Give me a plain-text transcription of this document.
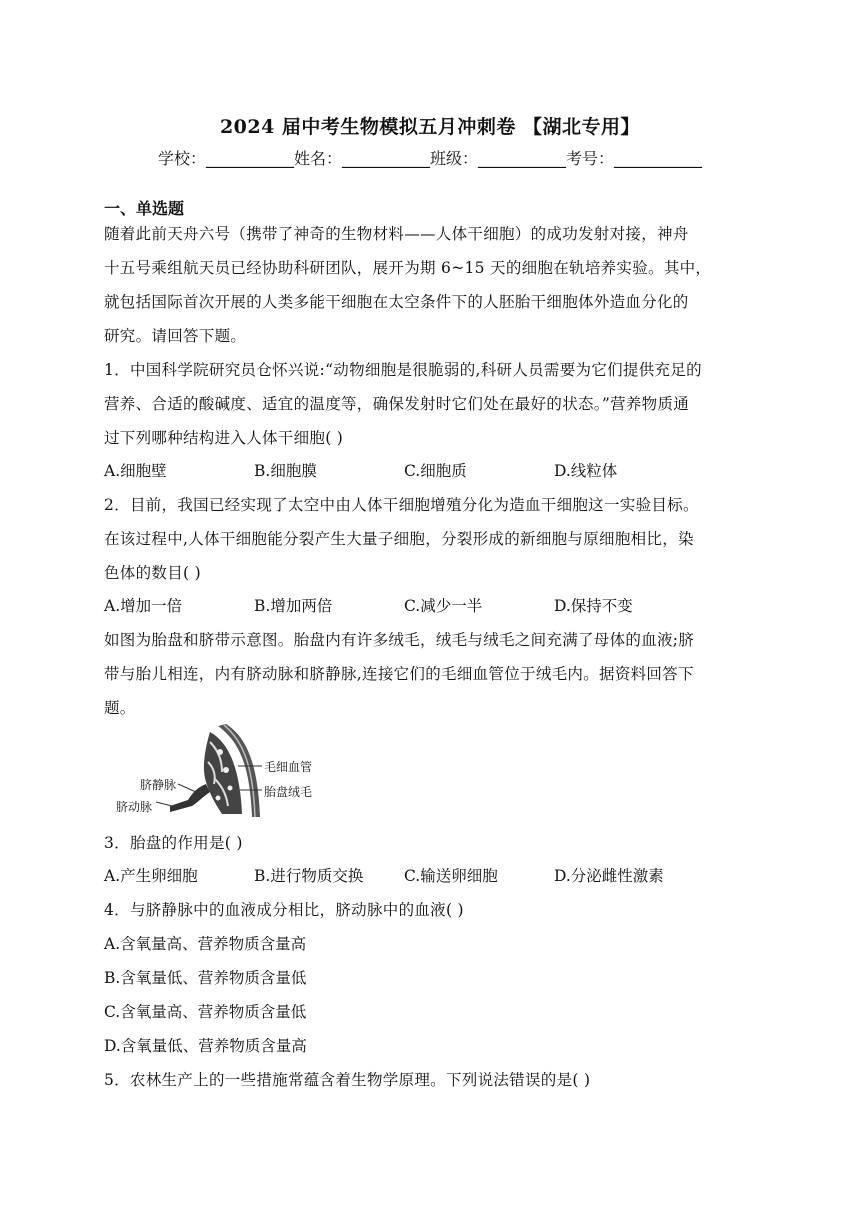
2024 届中考生物模拟五月冲刺卷 【湖北专用】
学校：___________姓名：___________班级：___________考号：___________
一、单选题
随着此前天舟六号（携带了神奇的生物材料——人体干细胞）的成功发射对接，神舟
十五号乘组航天员已经协助科研团队，展开为期 6~15 天的细胞在轨培养实验。其中，
就包括国际首次开展的人类多能干细胞在太空条件下的人胚胎干细胞体外造血分化的
研究。请回答下题。
1．中国科学院研究员仓怀兴说:“动物细胞是很脆弱的,科研人员需要为它们提供充足的
营养、合适的酸碱度、适宜的温度等，确保发射时它们处在最好的状态。”营养物质通
过下列哪种结构进入人体干细胞( )
A.细胞壁	B.细胞膜	C.细胞质	D.线粒体
2．目前，我国已经实现了太空中由人体干细胞增殖分化为造血干细胞这一实验目标。
在该过程中,人体干细胞能分裂产生大量子细胞，分裂形成的新细胞与原细胞相比，染
色体的数目( )
A.增加一倍	B.增加两倍	C.减少一半	D.保持不变
如图为胎盘和脐带示意图。胎盘内有许多绒毛，绒毛与绒毛之间充满了母体的血液;脐
带与胎儿相连，内有脐动脉和脐静脉,连接它们的毛细血管位于绒毛内。据资料回答下
题。
毛细血管
胎盘绒毛
脐静脉
脐动脉
3．胎盘的作用是( )
A.产生卵细胞	B.进行物质交换	C.输送卵细胞	D.分泌雌性激素
4．与脐静脉中的血液成分相比，脐动脉中的血液( )
A.含氧量高、营养物质含量高
B.含氧量低、营养物质含量低
C.含氧量高、营养物质含量低
D.含氧量低、营养物质含量高
5．农林生产上的一些措施常蕴含着生物学原理。下列说法错误的是( )
